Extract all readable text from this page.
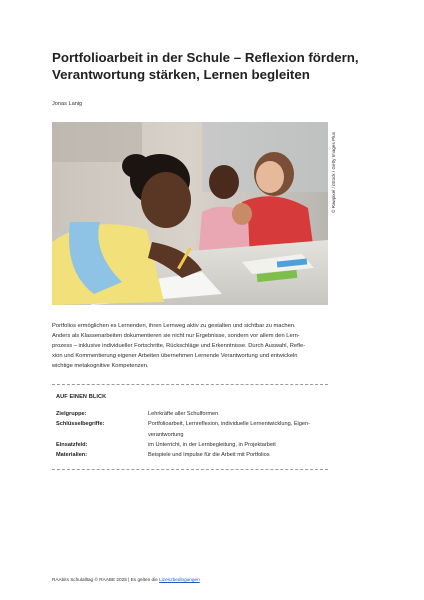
Portfolioarbeit in der Schule – Reflexion fördern,
Verantwortung stärken, Lernen begleiten
Jonas Lanig
© Rawpixel / iStock / Getty Images Plus
Portfolios ermöglichen es Lernenden, ihren Lernweg aktiv zu gestalten und sichtbar zu machen.
Anders als Klassenarbeiten dokumentieren sie nicht nur Ergebnisse, sondern vor allem den Lern-
prozess – inklusive individueller Fortschritte, Rückschläge und Erkenntnisse. Durch Auswahl, Refle-
xion und Kommentierung eigener Arbeiten übernehmen Lernende Verantwortung und entwickeln
wichtige metakognitive Kompetenzen.
AUF EINEN BLICK
Zielgruppe:	Lehrkräfte aller Schulformen
Schlüsselbegriffe:	Portfolioarbeit, Lernreflexion, individuelle Lernentwicklung, Eigen-
verantwortung
Einsatzfeld:	im Unterricht, in der Lernbegleitung, in Projektarbeit
Materialien:	Beispiele und Impulse für die Arbeit mit Portfolios
RAAbits Schulalltag © RAABE 2025 | Es gelten die Lizenzbedingungen
